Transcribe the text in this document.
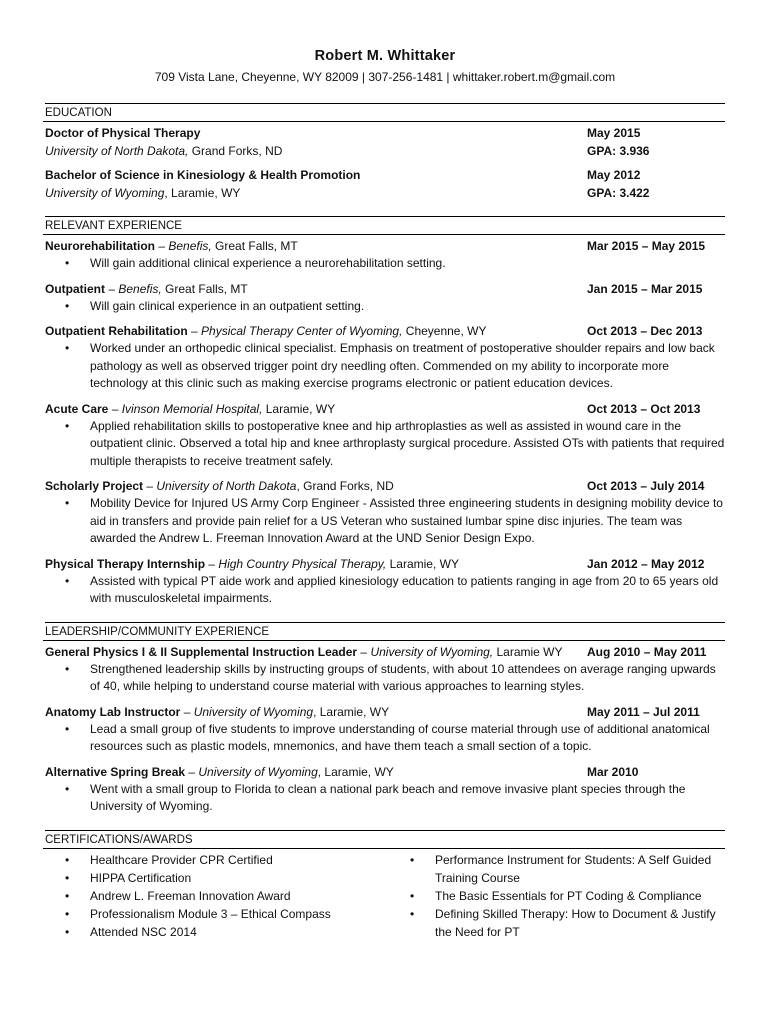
Robert M. Whittaker
709 Vista Lane, Cheyenne, WY 82009 | 307-256-1481 | whittaker.robert.m@gmail.com
EDUCATION
Doctor of Physical Therapy	May 2015
University of North Dakota, Grand Forks, ND	GPA: 3.936
Bachelor of Science in Kinesiology & Health Promotion	May 2012
University of Wyoming, Laramie, WY	GPA: 3.422
RELEVANT EXPERIENCE
Neurorehabilitation – Benefis, Great Falls, MT	Mar 2015 – May 2015
• Will gain additional clinical experience a neurorehabilitation setting.
Outpatient – Benefis, Great Falls, MT	Jan 2015 – Mar 2015
• Will gain clinical experience in an outpatient setting.
Outpatient Rehabilitation – Physical Therapy Center of Wyoming, Cheyenne, WY	Oct 2013 – Dec 2013
• Worked under an orthopedic clinical specialist. Emphasis on treatment of postoperative shoulder repairs and low back pathology as well as observed trigger point dry needling often. Commended on my ability to incorporate more technology at this clinic such as making exercise programs electronic or patient education devices.
Acute Care – Ivinson Memorial Hospital, Laramie, WY	Oct 2013 – Oct 2013
• Applied rehabilitation skills to postoperative knee and hip arthroplasties as well as assisted in wound care in the outpatient clinic. Observed a total hip and knee arthroplasty surgical procedure. Assisted OTs with patients that required multiple therapists to receive treatment safely.
Scholarly Project – University of North Dakota, Grand Forks, ND	Oct 2013 – July 2014
• Mobility Device for Injured US Army Corp Engineer - Assisted three engineering students in designing mobility device to aid in transfers and provide pain relief for a US Veteran who sustained lumbar spine disc injuries. The team was awarded the Andrew L. Freeman Innovation Award at the UND Senior Design Expo.
Physical Therapy Internship – High Country Physical Therapy, Laramie, WY	Jan 2012 – May 2012
• Assisted with typical PT aide work and applied kinesiology education to patients ranging in age from 20 to 65 years old with musculoskeletal impairments.
LEADERSHIP/COMMUNITY EXPERIENCE
General Physics I & II Supplemental Instruction Leader – University of Wyoming, Laramie WY	Aug 2010 – May 2011
• Strengthened leadership skills by instructing groups of students, with about 10 attendees on average ranging upwards of 40, while helping to understand course material with various approaches to learning styles.
Anatomy Lab Instructor – University of Wyoming, Laramie, WY	May 2011 – Jul 2011
• Lead a small group of five students to improve understanding of course material through use of additional anatomical resources such as plastic models, mnemonics, and have them teach a small section of a topic.
Alternative Spring Break – University of Wyoming, Laramie, WY	Mar 2010
• Went with a small group to Florida to clean a national park beach and remove invasive plant species through the University of Wyoming.
CERTIFICATIONS/AWARDS
• Healthcare Provider CPR Certified
• HIPPA Certification
• Andrew L. Freeman Innovation Award
• Professionalism Module 3 – Ethical Compass
• Attended NSC 2014
• Performance Instrument for Students: A Self Guided Training Course
• The Basic Essentials for PT Coding & Compliance
• Defining Skilled Therapy: How to Document & Justify the Need for PT
